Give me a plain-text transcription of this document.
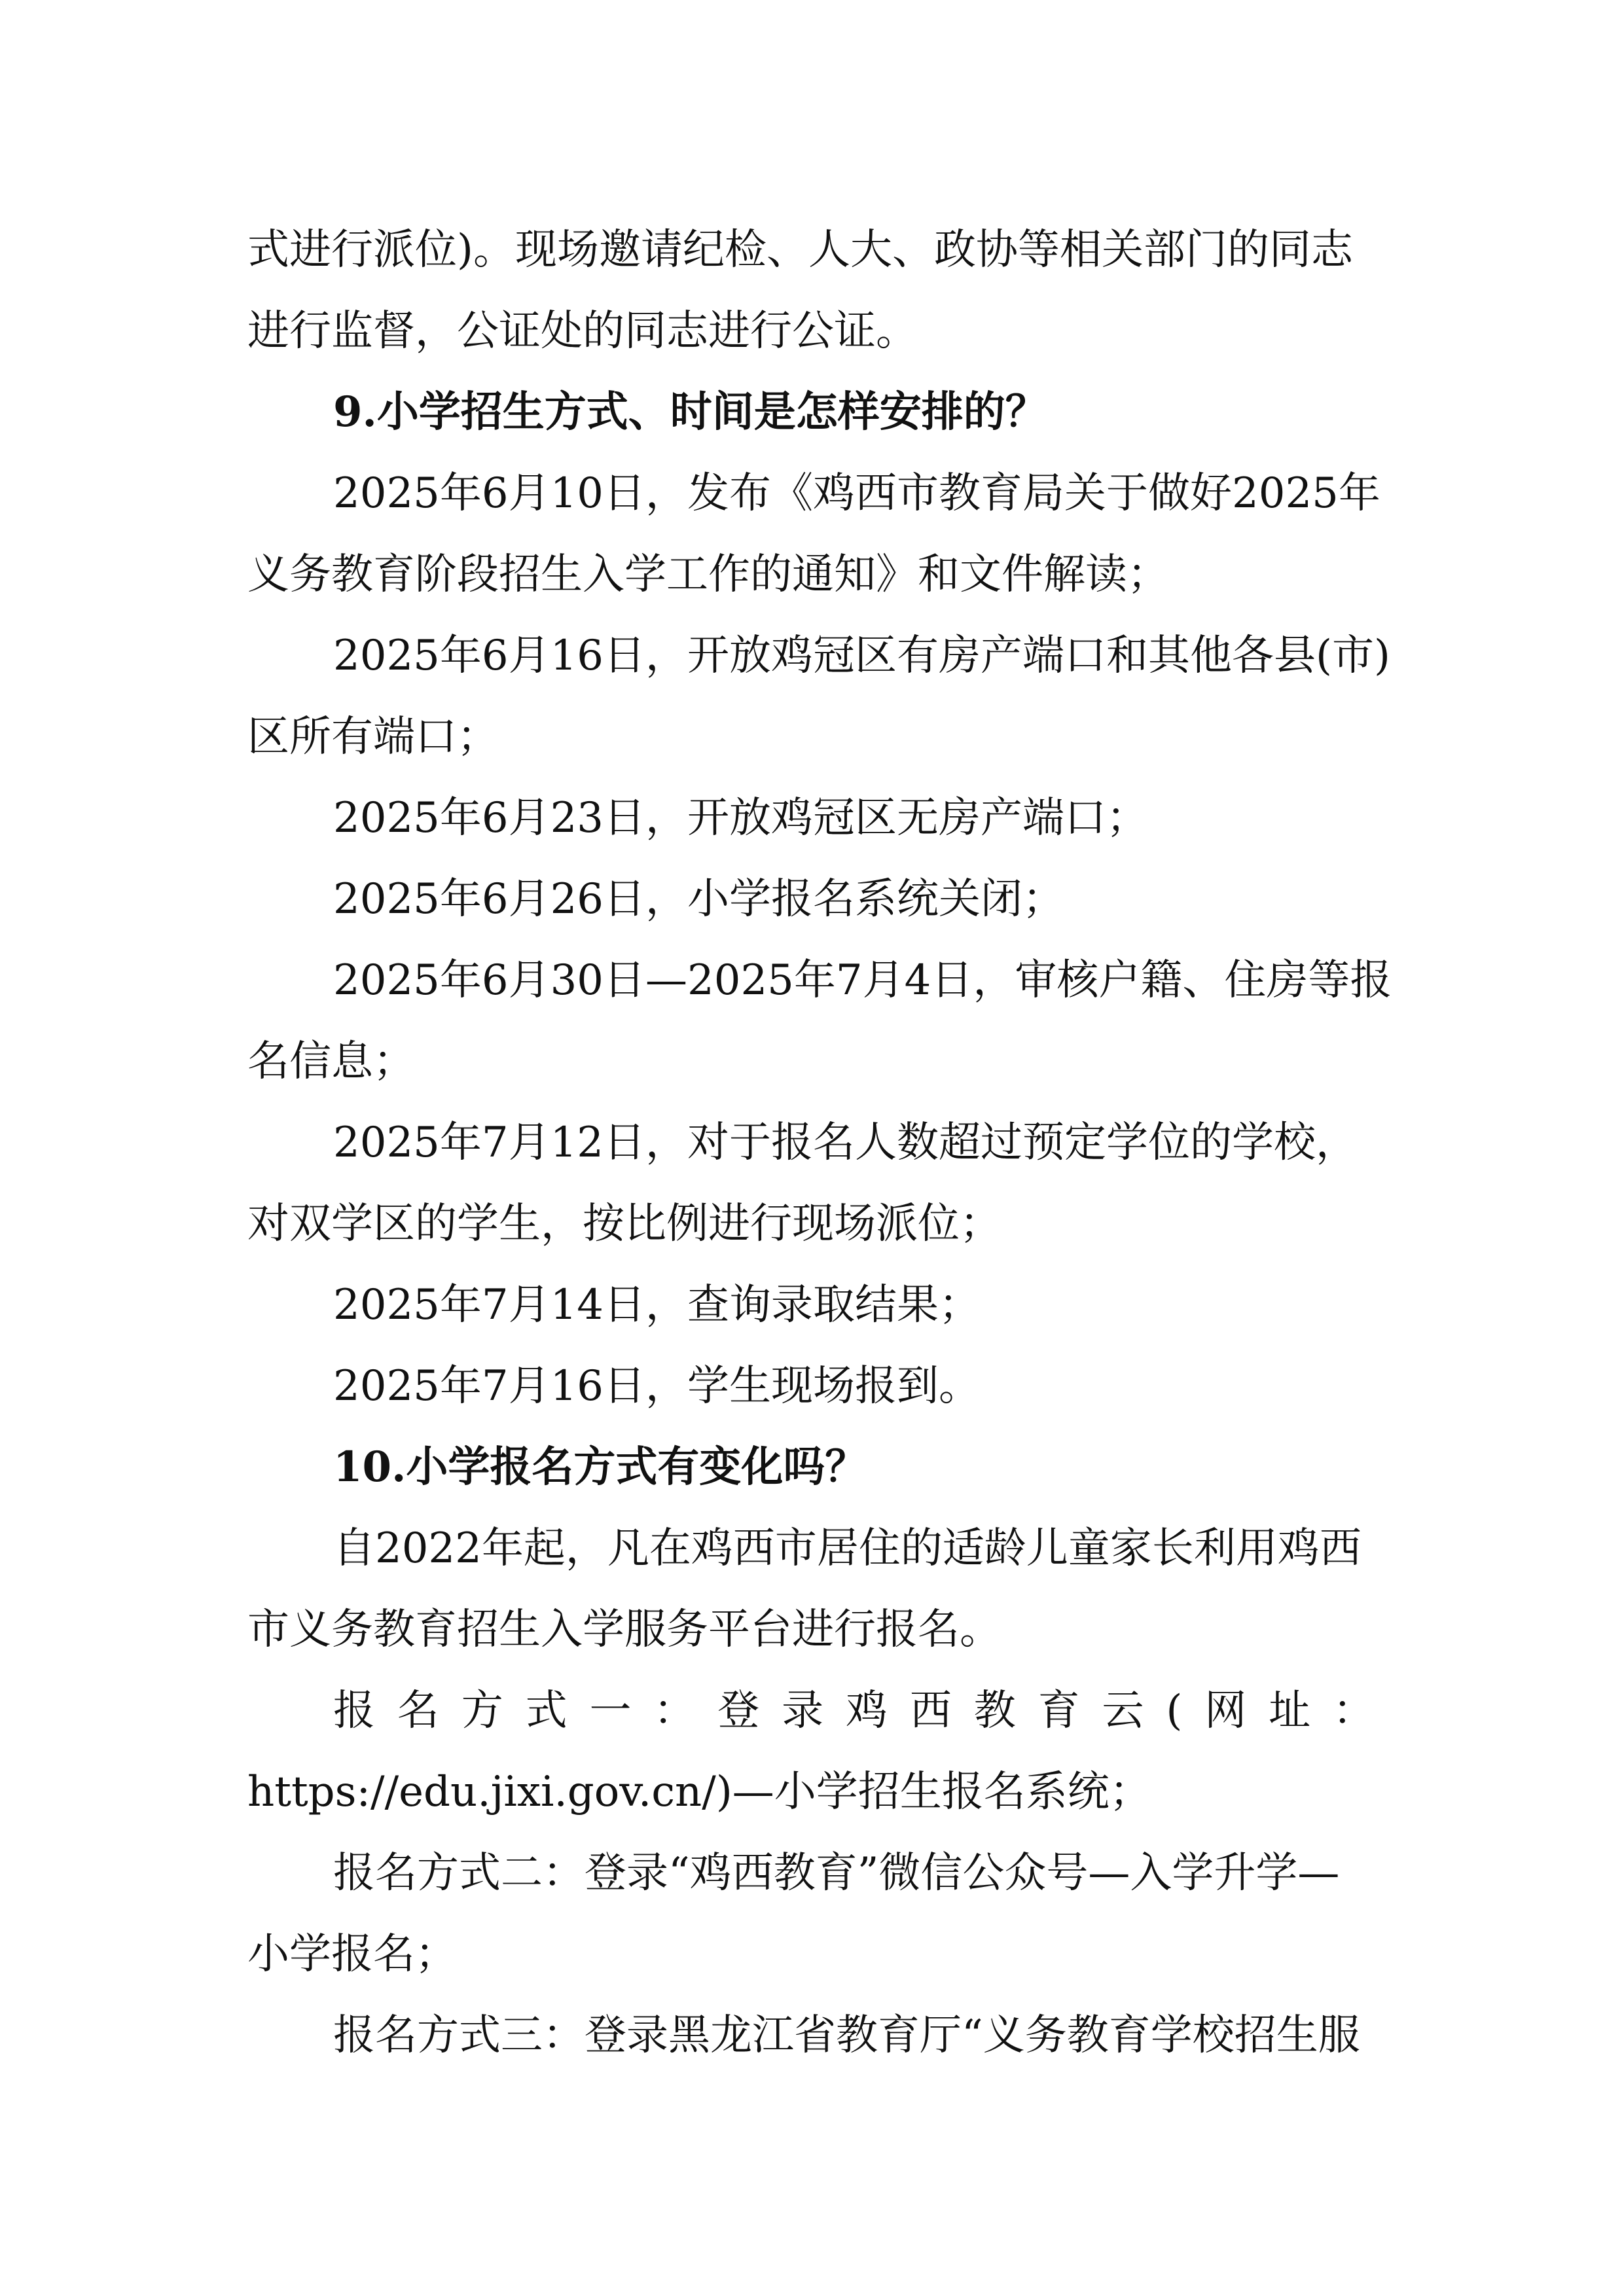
式进行派位)。现场邀请纪检、人大、政协等相关部门的同志
进行监督，公证处的同志进行公证。
9.小学招生方式、时间是怎样安排的？
2025年6月10日，发布《鸡西市教育局关于做好2025年
义务教育阶段招生入学工作的通知》和文件解读；
2025年6月16日，开放鸡冠区有房产端口和其他各县(市)
区所有端口；
2025年6月23日，开放鸡冠区无房产端口；
2025年6月26日，小学报名系统关闭；
2025年6月30日—2025年7月4日，审核户籍、住房等报
名信息；
2025年7月12日，对于报名人数超过预定学位的学校，
对双学区的学生，按比例进行现场派位；
2025年7月14日，查询录取结果；
2025年7月16日，学生现场报到。
10.小学报名方式有变化吗？
自2022年起，凡在鸡西市居住的适龄儿童家长利用鸡西
市义务教育招生入学服务平台进行报名。
报名方式一：登录鸡西教育云(网址：
https://edu.jixi.gov.cn/)—小学招生报名系统；
报名方式二：登录“鸡西教育”微信公众号—入学升学—
小学报名；
报名方式三：登录黑龙江省教育厅“义务教育学校招生服
